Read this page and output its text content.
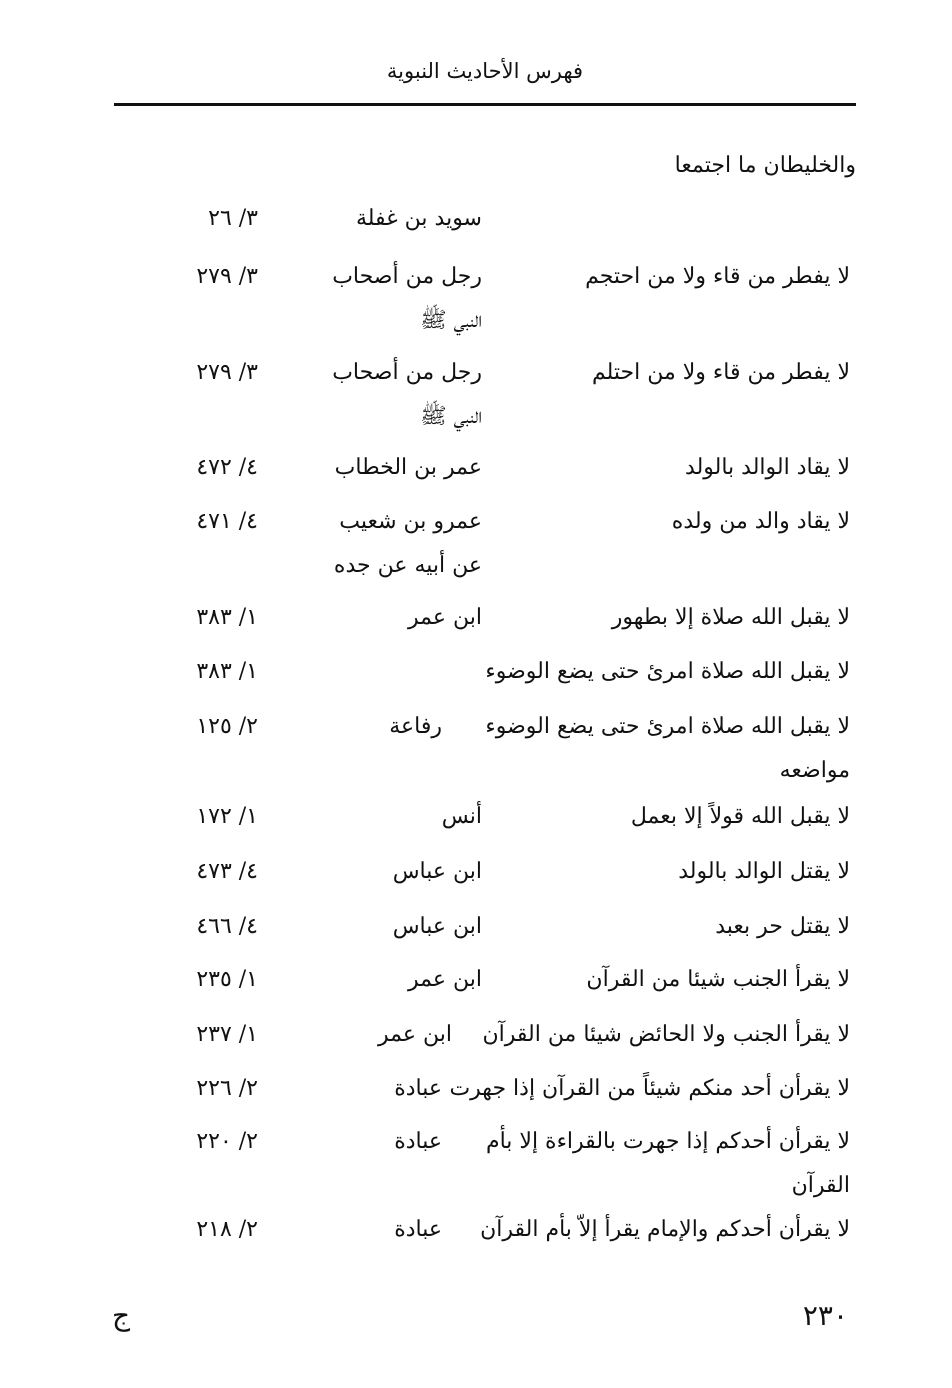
فهرس الأحاديث النبوية
والخليطان ما اجتمعا
سويد بن غفلة
٣/ ٢٦
لا يفطر من قاء ولا من احتجم
رجل من أصحاب
النبي ﷺ
٣/ ٢٧٩
لا يفطر من قاء ولا من احتلم
رجل من أصحاب
النبي ﷺ
٣/ ٢٧٩
لا يقاد الوالد بالولد
عمر بن الخطاب
٤/ ٤٧٢
لا يقاد والد من ولده
عمرو بن شعيب
عن أبيه عن جده
٤/ ٤٧١
لا يقبل الله صلاة إلا بطهور
ابن عمر
١/ ٣٨٣
لا يقبل الله صلاة امرئ حتى يضع الوضوء
١/ ٣٨٣
لا يقبل الله صلاة امرئ حتى يضع الوضوء
مواضعه
رفاعة
٢/ ١٢٥
لا يقبل الله قولاً إلا بعمل
أنس
١/ ١٧٢
لا يقتل الوالد بالولد
ابن عباس
٤/ ٤٧٣
لا يقتل حر بعبد
ابن عباس
٤/ ٤٦٦
لا يقرأ الجنب شيئا من القرآن
ابن عمر
١/ ٢٣٥
لا يقرأ الجنب ولا الحائض شيئا من القرآن
ابن عمر
١/ ٢٣٧
لا يقرأن أحد منكم شيئاً من القرآن إذا جهرت
عبادة
٢/ ٢٢٦
لا يقرأن أحدكم إذا جهرت بالقراءة إلا بأم
القرآن
عبادة
٢/ ٢٢٠
لا يقرأن أحدكم والإمام يقرأ إلاّ بأم القرآن
عبادة
٢/ ٢١٨
٢٣٠
ج
